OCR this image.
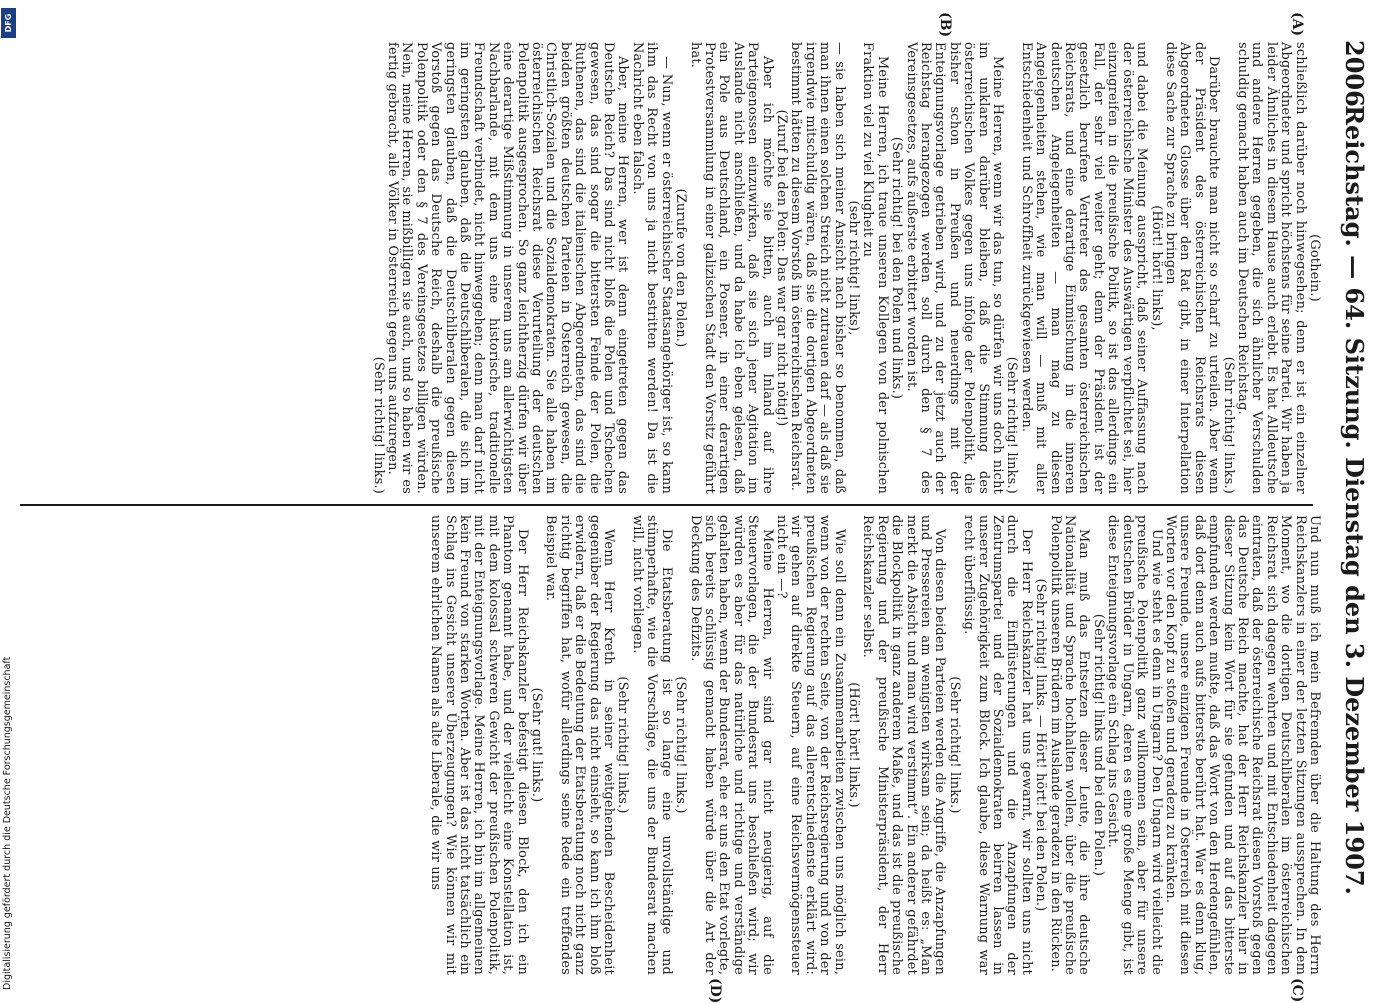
2006
Reichstag. — 64. Sitzung. Dienstag den 3. Dezember 1907.
(A)
(B)
(C)
(D)

(Gothein.)

schließlich darüber noch hinwegsehen; denn er ist ein einzelner Abgeordneter und spricht höchstens für seine Partei. Wir haben ja leider Ähnliches in diesem Hause auch erlebt. Es hat Alldeutsche und andere Herren gegeben, die sich ähnlicher Verschulden schuldig gemacht haben auch im Deutschen Reichstag.

(Sehr richtig! links.)

Darüber brauchte man nicht so scharf zu urteilen. Aber wenn der Präsident des österreichischen Reichsrats diesen Abgeordneten Glosse über den Rat gibt, in einer Interpellation diese Sache zur Sprache zu bringen

(Hört! hört! links),

und dabei die Meinung ausspricht, daß seiner Auffassung nach der österreichische Minister des Auswärtigen verpflichtet sei, hier einzugreifen in die preußische Politik, so ist das allerdings ein Fall, der sehr viel weiter geht; denn der Präsident ist der gesetzlich berufene Vertreter des gesamten österreichischen Reichsrats, und eine derartige Einmischung in die inneren deutschen Angelegenheiten — man mag zu diesen Angelegenheiten stehen, wie man will — muß mit aller Entschiedenheit und Schroffheit zurückgewiesen werden.

(Sehr richtig! links.)

Meine Herren, wenn wir das tun, so dürfen wir uns doch nicht im unklaren darüber bleiben, daß die Stimmung des österreichischen Volkes gegen uns infolge der Polenpolitik, die bisher schon in Preußen und neuerdings mit der Enteignungsvorlage getrieben wird, und zu der jetzt auch der Reichstag herangezogen werden soll durch den § 7 des Vereinsgesetzes, aufs äußerste erbittert worden ist.

(Sehr richtig! bei den Polen und links.)

Meine Herren, ich traue unseren Kollegen von der polnischen Fraktion viel zu viel Klugheit zu

(sehr richtig! links),

— sie haben sich meiner Ansicht nach bisher so benommen, daß man ihnen einen solchen Streich nicht zutrauen darf — als daß sie irgendwie mitschuldig wären, daß sie die dortigen Abgeordneten bestimmt hätten zu diesem Vorstoß im österreichischen Reichsrat.

(Zuruf bei den Polen: Das war gar nicht nötig!)

Aber ich möchte sie bitten, auch im Inland auf ihre Parteigenossen einzuwirken, daß sie sich jener Agitation im Auslande nicht anschließen, und da habe ich eben gelesen, daß ein Pole aus Deutschland, ein Posener, in einer derartigen Protestversammlung in einer galizischen Stadt den Vorsitz geführt hat.

(Zurufe von den Polen.)

— Nun, wenn er österreichischer Staatsangehöriger ist, so kann ihm das Recht von uns ja nicht bestritten werden! Da ist die Nachricht eben falsch.

Aber, meine Herren, wer ist denn eingetreten gegen das Deutsche Reich? Das sind nicht bloß die Polen und Tschechen gewesen, das sind sogar die bittersten Feinde der Polen, die Ruthenen, das sind die italienischen Abgeordneten, das sind die beiden größten deutschen Parteien in Österreich gewesen, die Christlich-Sozialen und die Sozialdemokraten. Sie alle haben im österreichischen Reichsrat diese Verurteilung der deutschen Polenpolitik ausgesprochen. So ganz leichtherzig dürfen wir über eine derartige Mißstimmung in unserem uns am allerwichtigsten Nachbarlande, mit dem uns eine historische, traditionelle Freundschaft verbindet, nicht hinweggehen; denn man darf nicht im geringsten glauben, daß die Deutschliberalen, die sich im geringsten glauben, daß die Deutschliberalen gegen diesen Vorstoß gegen das Deutsche Reich, deshalb die preußische Polenpolitik oder den § 7 des Vereinsgesetzes billigen würden. Nein, meine Herren, sie mißbilligen sie auch, und so haben wir es fertig gebracht, alle Völker in Österreich gegen uns aufzuregen.

(Sehr richtig! links.)

Und nun muß ich mein Befremden über die Haltung des Herrn Reichskanzlers in einer der letzten Sitzungen aussprechen. In dem Moment, wo die dortigen Deutschliberalen im österreichischen Reichsrat sich dagegen wehrten und mit Entschiedenheit dagegen eintraten, daß der österreichische Reichsrat diesen Vorstoß gegen das Deutsche Reich machte, hat der Herr Reichskanzler hier in dieser Sitzung kein Wort für sie gefunden und auf das bitterste empfunden werden mußte, daß das Wort von den Herdengefühlen, daß dort denn auch aufs bitterste berührt hat. War es denn klug, unsere Freunde, unsere einzigen Freunde in Österreich mit diesen Worten vor den Kopf zu stoßen und geradezu zu kränken.

Und wie steht es denn in Ungarn? Den Ungarn wird vielleicht die preußische Polenpolitik ganz willkommen sein, aber für unsere deutschen Brüder in Ungarn, deren es eine große Menge gibt, ist diese Enteignungsvorlage ein Schlag ins Gesicht.

(Sehr richtig! links und bei den Polen.)

Man muß das Entsetzen dieser Leute, die ihre deutsche Nationalität und Sprache hochhalten wollen, über die preußische Polenpolitik unseren Brüdern im Auslande geradezu in den Rücken.

(Sehr richtig! links. — Hört! hört! bei den Polen.)

Der Herr Reichskanzler hat uns gewarnt, wir sollten uns nicht durch die Einflüsterungen und die Anzapfungen der Zentrumspartei und der Sozialdemokraten beirren lassen in unserer Zugehörigkeit zum Block. Ich glaube, diese Warnung war recht überflüssig.

(Sehr richtig! links.)

Von diesen beiden Parteien werden die Angriffe, die Anzapfungen und Pressereien am wenigsten wirksam sein; da heißt es: „Man merkt die Absicht und man wird verstimmt“. Ein anderer gefährdet die Blockpolitik in ganz anderem Maße, und das ist die preußische Regierung und der preußische Ministerpräsident, der Herr Reichskanzler selbst.

(Hört! hört! links.)

Wie soll denn ein Zusammenarbeiten zwischen uns möglich sein, wenn von der rechten Seite, von der Reichsregierung und von der preußischen Regierung auf das allerentschiedenste erklärt wird: wir gehen auf direkte Steuern, auf eine Reichsvermögenssteuer nicht ein —?

Meine Herren, wir sind gar nicht neugierig, auf die Steuervorlagen, die der Bundesrat uns beschließen wird; wir würden es aber für das natürliche und richtige und verständige gehalten haben, wenn der Bundesrat, ehe er uns den Etat vorlegte, sich bereits schlüssig gemacht haben würde über die Art der Deckung des Defizits.

(Sehr richtig! links.)

Die Etatsberatung ist so lange eine unvollständige und stümperhafte, wie die Vorschläge, die uns der Bundesrat machen will, nicht vorliegen.

(Sehr richtig! links.)

Wenn Herr Kreth in seiner weitgehenden Bescheidenheit gegenüber der Regierung das nicht einsieht, so kann ich ihm bloß erwidern, daß er die Bedeutung der Etatsberatung noch nicht ganz richtig begriffen hat, wofür allerdings seine Rede ein treffendes Beispiel war.

(Sehr gut! links.)

Der Herr Reichskanzler befestigt diesen Block, den ich ein Phantom genannt habe, und der vielleicht eine Konstellation ist, mit dem kolossal schweren Gewicht der preußischen Polenpolitik, mit der Enteignungsvorlage. Meine Herren, ich bin im allgemeinen kein Freund von starken Worten. Aber ist das nicht tatsächlich ein Schlag ins Gesicht unserer Überzeugungen? Wie können wir mit unserem ehrlichen Namen als alte Liberale, die wir uns

Digitalisierung gefördert durch die Deutsche Forschungsgemeinschaft
DFG
